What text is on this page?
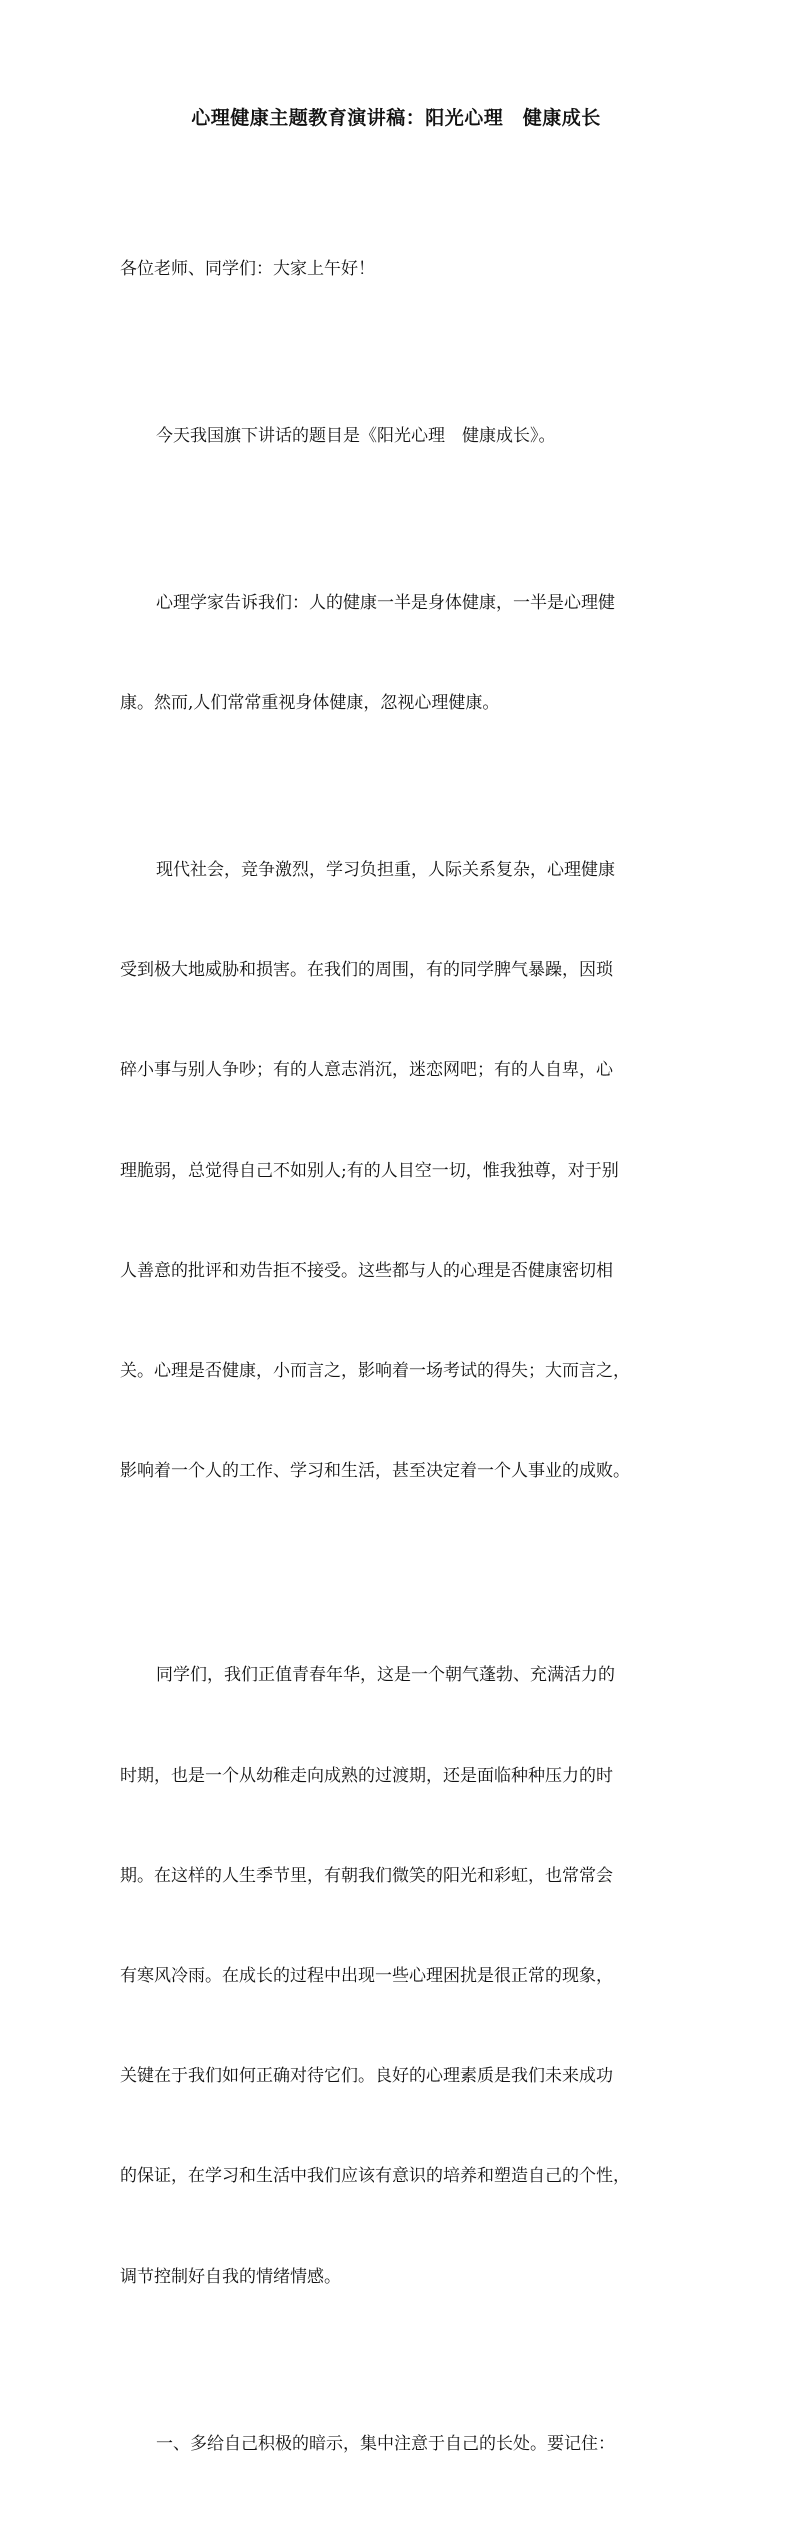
心理健康主题教育演讲稿：阳光心理　健康成长

各位老师、同学们：大家上午好！

今天我国旗下讲话的题目是《阳光心理　健康成长》。

心理学家告诉我们：人的健康一半是身体健康，一半是心理健

康。然而,人们常常重视身体健康，忽视心理健康。

现代社会，竞争激烈，学习负担重，人际关系复杂，心理健康

受到极大地威胁和损害。在我们的周围，有的同学脾气暴躁，因琐

碎小事与别人争吵；有的人意志消沉，迷恋网吧；有的人自卑，心

理脆弱，总觉得自己不如别人;有的人目空一切，惟我独尊，对于别

人善意的批评和劝告拒不接受。这些都与人的心理是否健康密切相

关。心理是否健康，小而言之，影响着一场考试的得失；大而言之，

影响着一个人的工作、学习和生活，甚至决定着一个人事业的成败。

同学们，我们正值青春年华，这是一个朝气蓬勃、充满活力的

时期，也是一个从幼稚走向成熟的过渡期，还是面临种种压力的时

期。在这样的人生季节里，有朝我们微笑的阳光和彩虹，也常常会

有寒风冷雨。在成长的过程中出现一些心理困扰是很正常的现象，

关键在于我们如何正确对待它们。良好的心理素质是我们未来成功

的保证，在学习和生活中我们应该有意识的培养和塑造自己的个性，

调节控制好自我的情绪情感。

一、多给自己积极的暗示，集中注意于自己的长处。要记住：
